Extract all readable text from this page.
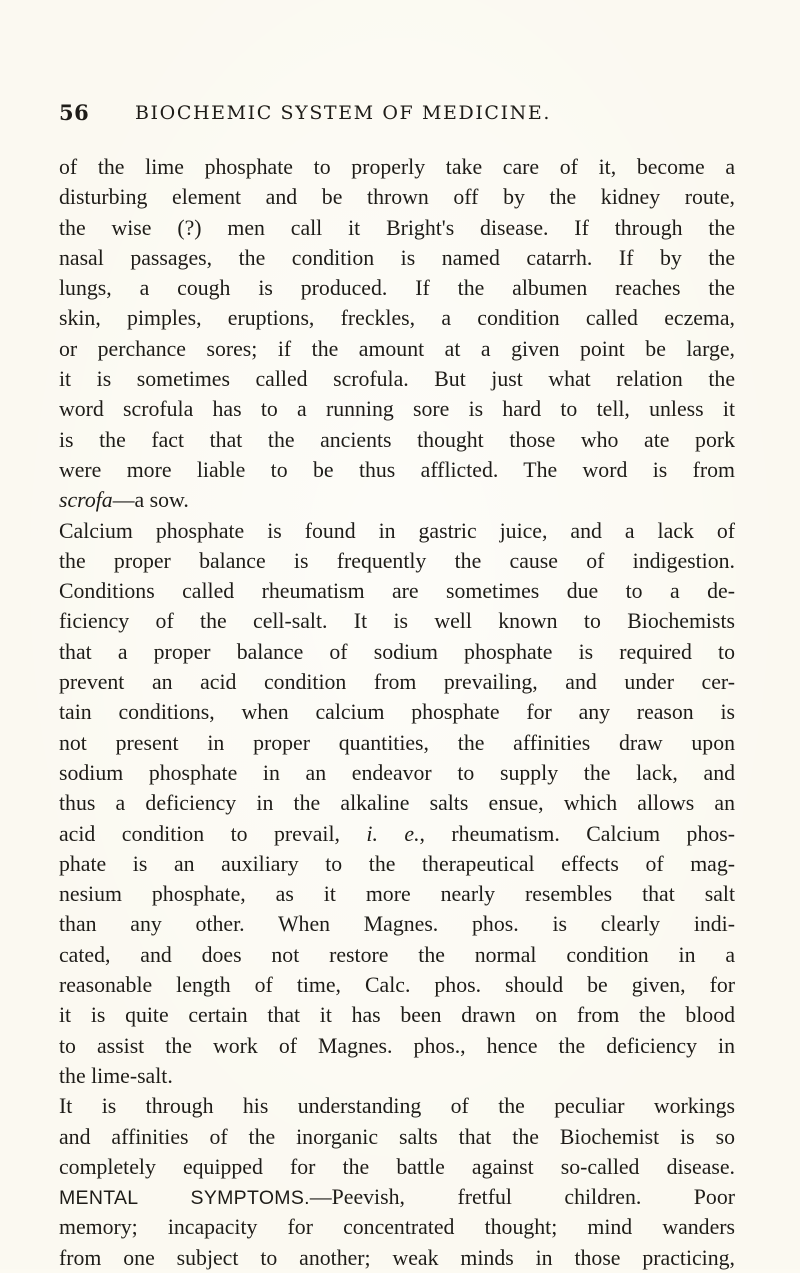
56 BIOCHEMIC SYSTEM OF MEDICINE.
of the lime phosphate to properly take care of it, become a
disturbing element and be thrown off by the kidney route,
the wise (?) men call it Bright's disease. If through the
nasal passages, the condition is named catarrh. If by the
lungs, a cough is produced. If the albumen reaches the
skin, pimples, eruptions, freckles, a condition called eczema,
or perchance sores; if the amount at a given point be large,
it is sometimes called scrofula. But just what relation the
word scrofula has to a running sore is hard to tell, unless it
is the fact that the ancients thought those who ate pork
were more liable to be thus afflicted. The word is from
scrofa—a sow.
Calcium phosphate is found in gastric juice, and a lack of
the proper balance is frequently the cause of indigestion.
Conditions called rheumatism are sometimes due to a de-
ficiency of the cell-salt. It is well known to Biochemists
that a proper balance of sodium phosphate is required to
prevent an acid condition from prevailing, and under cer-
tain conditions, when calcium phosphate for any reason is
not present in proper quantities, the affinities draw upon
sodium phosphate in an endeavor to supply the lack, and
thus a deficiency in the alkaline salts ensue, which allows an
acid condition to prevail, i. e., rheumatism. Calcium phos-
phate is an auxiliary to the therapeutical effects of mag-
nesium phosphate, as it more nearly resembles that salt
than any other. When Magnes. phos. is clearly indi-
cated, and does not restore the normal condition in a
reasonable length of time, Calc. phos. should be given, for
it is quite certain that it has been drawn on from the blood
to assist the work of Magnes. phos., hence the deficiency in
the lime-salt.
It is through his understanding of the peculiar workings
and affinities of the inorganic salts that the Biochemist is so
completely equipped for the battle against so-called disease.
MENTAL SYMPTOMS.—Peevish, fretful children. Poor
memory; incapacity for concentrated thought; mind wanders
from one subject to another; weak minds in those practicing,
